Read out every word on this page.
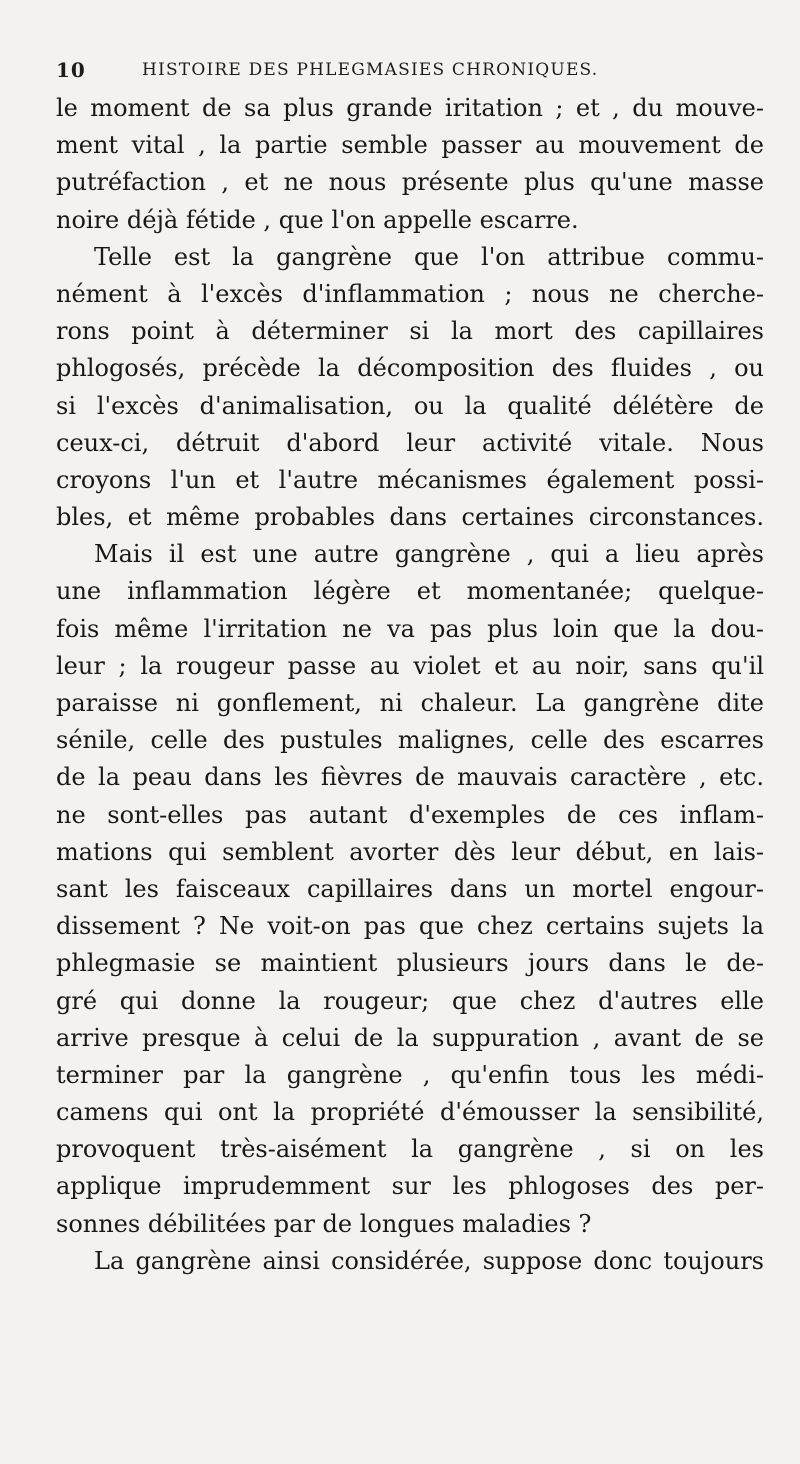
10	HISTOIRE DES PHLEGMASIES CHRONIQUES.
le moment de sa plus grande iritation ; et , du mouve-
ment vital , la partie semble passer au mouvement de
putréfaction , et ne nous présente plus qu'une masse
noire déjà fétide , que l'on appelle escarre.
Telle est la gangrène que l'on attribue commu-
nément à l'excès d'inflammation ; nous ne cherche-
rons point à déterminer si la mort des capillaires
phlogosés, précède la décomposition des fluides , ou
si l'excès d'animalisation, ou la qualité délétère de
ceux-ci, détruit d'abord leur activité vitale. Nous
croyons l'un et l'autre mécanismes également possi-
bles, et même probables dans certaines circonstances.
Mais il est une autre gangrène , qui a lieu après
une inflammation légère et momentanée; quelque-
fois même l'irritation ne va pas plus loin que la dou-
leur ; la rougeur passe au violet et au noir, sans qu'il
paraisse ni gonflement, ni chaleur. La gangrène dite
sénile, celle des pustules malignes, celle des escarres
de la peau dans les fièvres de mauvais caractère , etc.
ne sont-elles pas autant d'exemples de ces inflam-
mations qui semblent avorter dès leur début, en lais-
sant les faisceaux capillaires dans un mortel engour-
dissement ? Ne voit-on pas que chez certains sujets la
phlegmasie se maintient plusieurs jours dans le de-
gré qui donne la rougeur; que chez d'autres elle
arrive presque à celui de la suppuration , avant de se
terminer par la gangrène , qu'enfin tous les médi-
camens qui ont la propriété d'émousser la sensibilité,
provoquent très-aisément la gangrène , si on les
applique imprudemment sur les phlogoses des per-
sonnes débilitées par de longues maladies ?
La gangrène ainsi considérée, suppose donc toujours
